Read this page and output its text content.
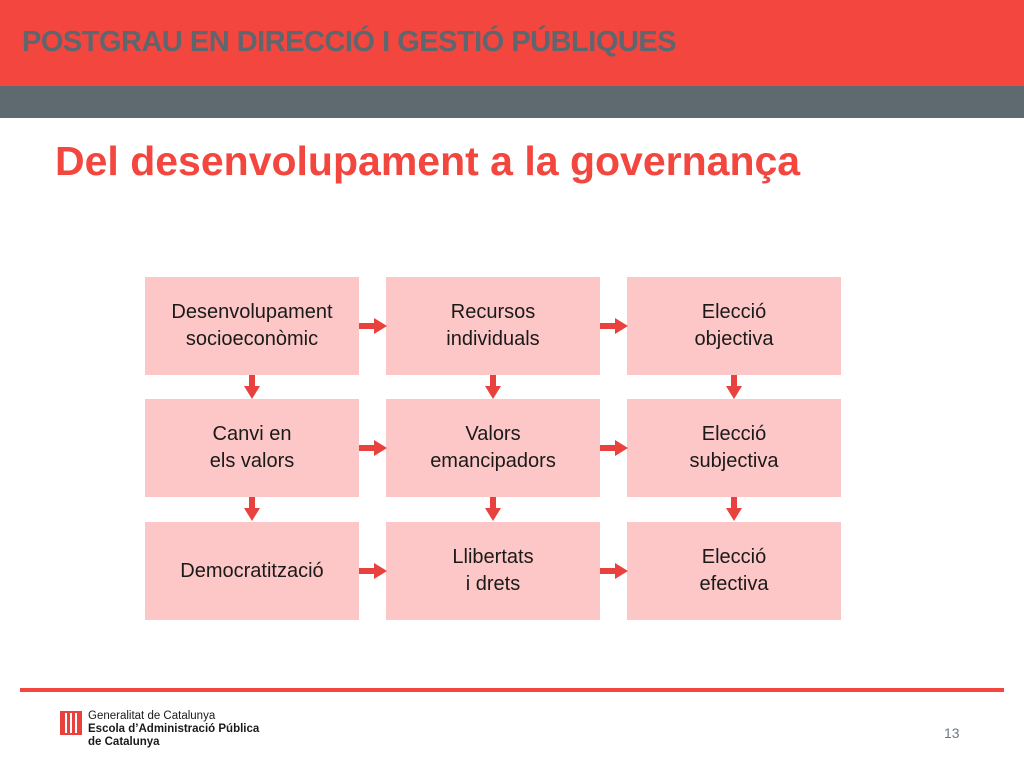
POSTGRAU EN DIRECCIÓ I GESTIÓ PÚBLIQUES
Del desenvolupament a la governança
Desenvolupament
socioeconòmic
Recursos
individuals
Elecció
objectiva
Canvi en
els valors
Valors
emancipadors
Elecció
subjectiva
Democratització
Llibertats
i drets
Elecció
efectiva
Generalitat de Catalunya
Escola d’Administració Pública
de Catalunya
13
